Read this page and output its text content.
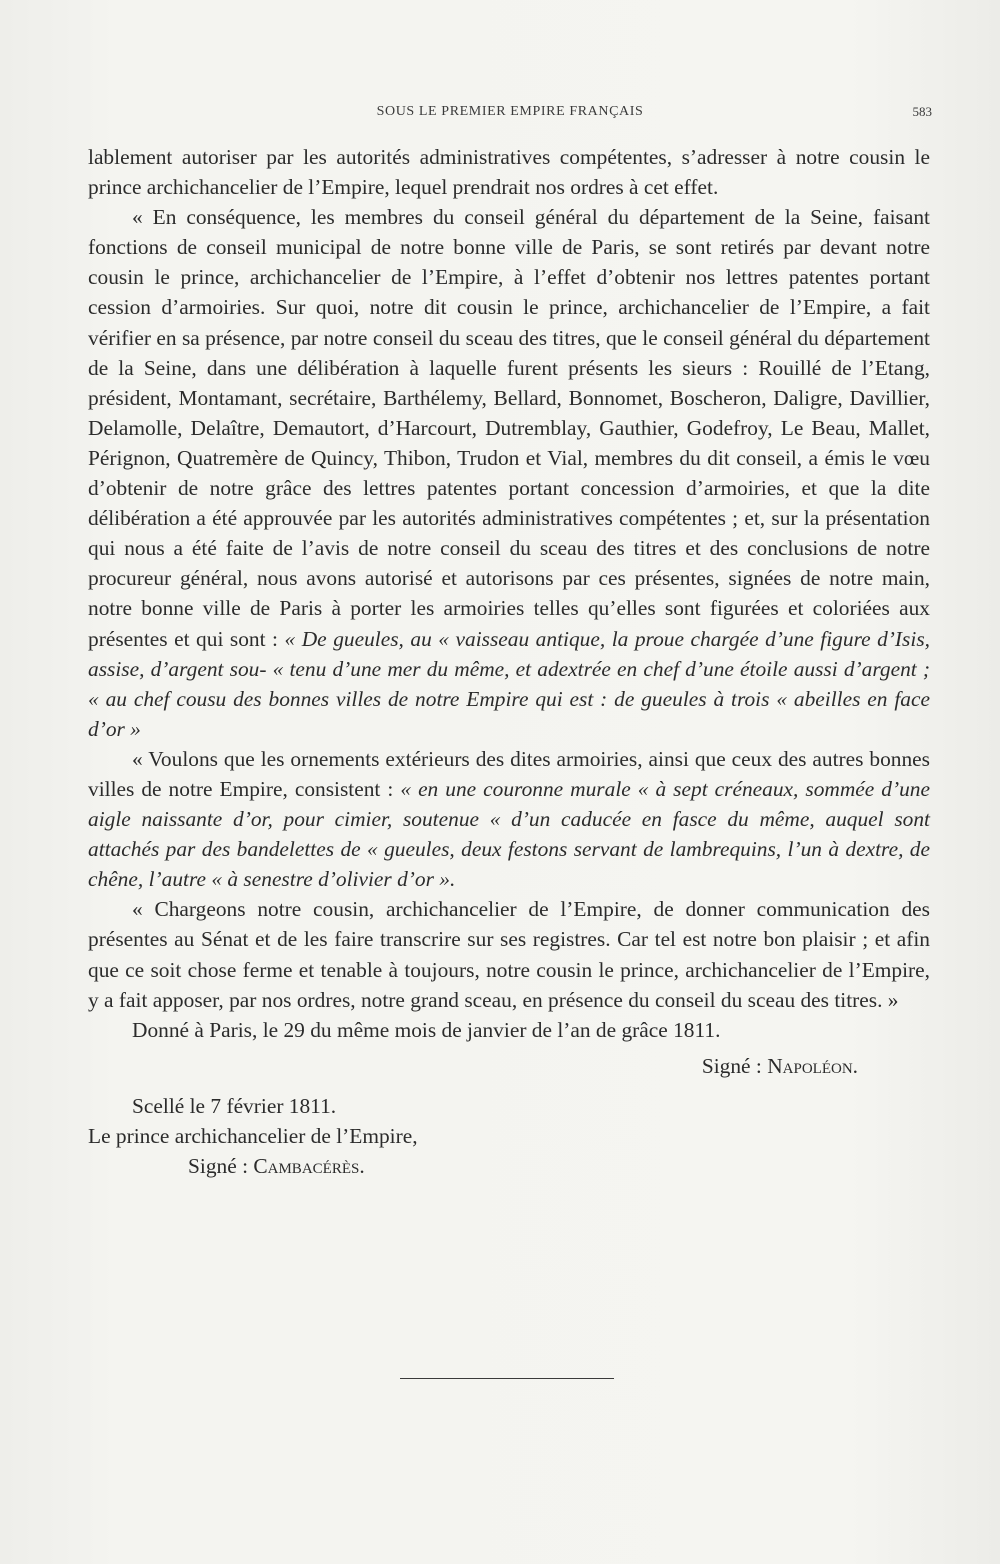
SOUS LE PREMIER EMPIRE FRANÇAIS	583

lablement autoriser par les autorités administratives compétentes, s’adresser à notre cousin le prince archichancelier de l’Empire, lequel prendrait nos ordres à cet effet.

« En conséquence, les membres du conseil général du département de la Seine, faisant fonctions de conseil municipal de notre bonne ville de Paris, se sont retirés par devant notre cousin le prince, archichancelier de l’Empire, à l’effet d’obtenir nos lettres patentes portant cession d’armoiries. Sur quoi, notre dit cousin le prince, archichancelier de l’Empire, a fait vérifier en sa présence, par notre conseil du sceau des titres, que le conseil général du département de la Seine, dans une délibération à laquelle furent présents les sieurs : Rouillé de l’Etang, président, Montamant, secrétaire, Barthélemy, Bellard, Bonnomet, Boscheron, Daligre, Davillier, Delamolle, Delaître, Demautort, d’Harcourt, Dutremblay, Gauthier, Godefroy, Le Beau, Mallet, Pérignon, Quatremère de Quincy, Thibon, Trudon et Vial, membres du dit conseil, a émis le vœu d’obtenir de notre grâce des lettres patentes portant concession d’armoiries, et que la dite délibération a été approuvée par les autorités administratives compétentes ; et, sur la présentation qui nous a été faite de l’avis de notre conseil du sceau des titres et des conclusions de notre procureur général, nous avons autorisé et autorisons par ces présentes, signées de notre main, notre bonne ville de Paris à porter les armoiries telles qu’elles sont figurées et coloriées aux présentes et qui sont : « De gueules, au « vaisseau antique, la proue chargée d’une figure d’Isis, assise, d’argent sou- « tenu d’une mer du même, et adextrée en chef d’une étoile aussi d’argent ; « au chef cousu des bonnes villes de notre Empire qui est : de gueules à trois « abeilles en face d’or »

« Voulons que les ornements extérieurs des dites armoiries, ainsi que ceux des autres bonnes villes de notre Empire, consistent : « en une couronne murale « à sept créneaux, sommée d’une aigle naissante d’or, pour cimier, soutenue « d’un caducée en fasce du même, auquel sont attachés par des bandelettes de « gueules, deux festons servant de lambrequins, l’un à dextre, de chêne, l’autre « à senestre d’olivier d’or ».

« Chargeons notre cousin, archichancelier de l’Empire, de donner communication des présentes au Sénat et de les faire transcrire sur ses registres. Car tel est notre bon plaisir ; et afin que ce soit chose ferme et tenable à toujours, notre cousin le prince, archichancelier de l’Empire, y a fait apposer, par nos ordres, notre grand sceau, en présence du conseil du sceau des titres. »

Donné à Paris, le 29 du même mois de janvier de l’an de grâce 1811.

Signé : Napoléon.

Scellé le 7 février 1811.

Le prince archichancelier de l’Empire,

Signé : Cambacérès.
